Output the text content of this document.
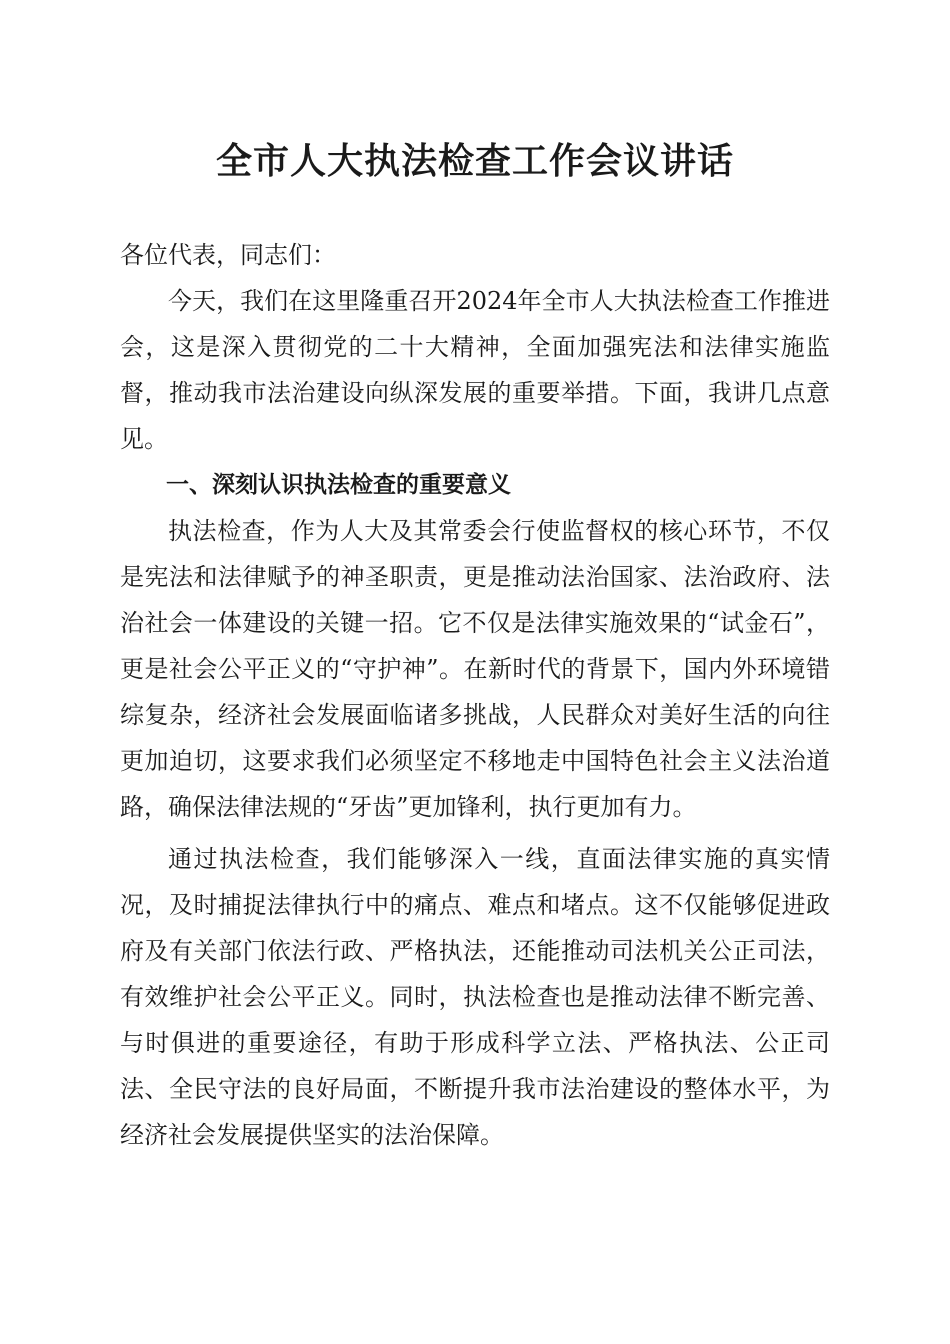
全市人大执法检查工作会议讲话

各位代表，同志们：

今天，我们在这里隆重召开2024年全市人大执法检查工作推进会，这是深入贯彻党的二十大精神，全面加强宪法和法律实施监督，推动我市法治建设向纵深发展的重要举措。下面，我讲几点意见。

一、深刻认识执法检查的重要意义

执法检查，作为人大及其常委会行使监督权的核心环节，不仅是宪法和法律赋予的神圣职责，更是推动法治国家、法治政府、法治社会一体建设的关键一招。它不仅是法律实施效果的“试金石”，更是社会公平正义的“守护神”。在新时代的背景下，国内外环境错综复杂，经济社会发展面临诸多挑战，人民群众对美好生活的向往更加迫切，这要求我们必须坚定不移地走中国特色社会主义法治道路，确保法律法规的“牙齿”更加锋利，执行更加有力。

通过执法检查，我们能够深入一线，直面法律实施的真实情况，及时捕捉法律执行中的痛点、难点和堵点。这不仅能够促进政府及有关部门依法行政、严格执法，还能推动司法机关公正司法，有效维护社会公平正义。同时，执法检查也是推动法律不断完善、与时俱进的重要途径，有助于形成科学立法、严格执法、公正司法、全民守法的良好局面，不断提升我市法治建设的整体水平，为经济社会发展提供坚实的法治保障。
